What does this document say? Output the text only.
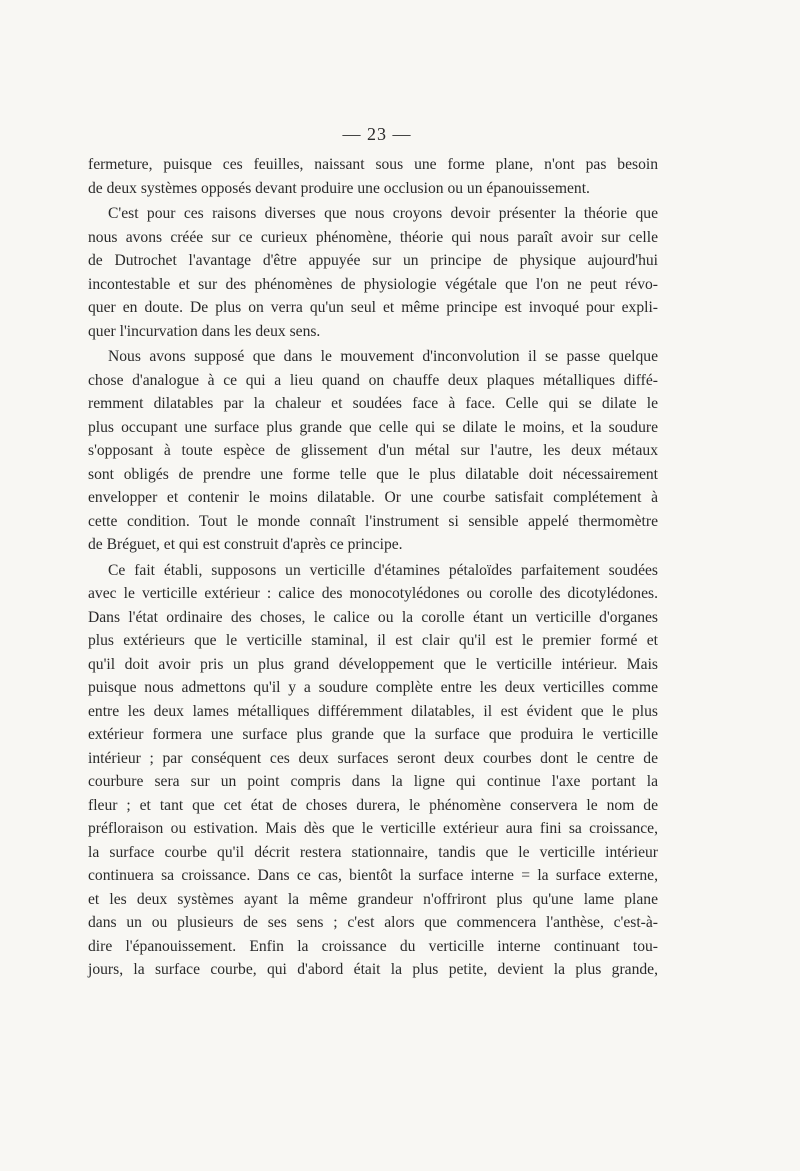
— 23 —
fermeture, puisque ces feuilles, naissant sous une forme plane, n'ont pas besoin
de deux systèmes opposés devant produire une occlusion ou un épanouissement.
C'est pour ces raisons diverses que nous croyons devoir présenter la théorie que
nous avons créée sur ce curieux phénomène, théorie qui nous paraît avoir sur celle
de Dutrochet l'avantage d'être appuyée sur un principe de physique aujourd'hui
incontestable et sur des phénomènes de physiologie végétale que l'on ne peut révo-
quer en doute. De plus on verra qu'un seul et même principe est invoqué pour expli-
quer l'incurvation dans les deux sens.
Nous avons supposé que dans le mouvement d'inconvolution il se passe quelque
chose d'analogue à ce qui a lieu quand on chauffe deux plaques métalliques diffé-
remment dilatables par la chaleur et soudées face à face. Celle qui se dilate le
plus occupant une surface plus grande que celle qui se dilate le moins, et la soudure
s'opposant à toute espèce de glissement d'un métal sur l'autre, les deux métaux
sont obligés de prendre une forme telle que le plus dilatable doit nécessairement
envelopper et contenir le moins dilatable. Or une courbe satisfait complétement à
cette condition. Tout le monde connaît l'instrument si sensible appelé thermomètre
de Bréguet, et qui est construit d'après ce principe.
Ce fait établi, supposons un verticille d'étamines pétaloïdes parfaitement soudées
avec le verticille extérieur : calice des monocotylédones ou corolle des dicotylédones.
Dans l'état ordinaire des choses, le calice ou la corolle étant un verticille d'organes
plus extérieurs que le verticille staminal, il est clair qu'il est le premier formé et
qu'il doit avoir pris un plus grand développement que le verticille intérieur. Mais
puisque nous admettons qu'il y a soudure complète entre les deux verticilles comme
entre les deux lames métalliques différemment dilatables, il est évident que le plus
extérieur formera une surface plus grande que la surface que produira le verticille
intérieur ; par conséquent ces deux surfaces seront deux courbes dont le centre de
courbure sera sur un point compris dans la ligne qui continue l'axe portant la
fleur ; et tant que cet état de choses durera, le phénomène conservera le nom de
préfloraison ou estivation. Mais dès que le verticille extérieur aura fini sa croissance,
la surface courbe qu'il décrit restera stationnaire, tandis que le verticille intérieur
continuera sa croissance. Dans ce cas, bientôt la surface interne = la surface externe,
et les deux systèmes ayant la même grandeur n'offriront plus qu'une lame plane
dans un ou plusieurs de ses sens ; c'est alors que commencera l'anthèse, c'est-à-
dire l'épanouissement. Enfin la croissance du verticille interne continuant tou-
jours, la surface courbe, qui d'abord était la plus petite, devient la plus grande,
